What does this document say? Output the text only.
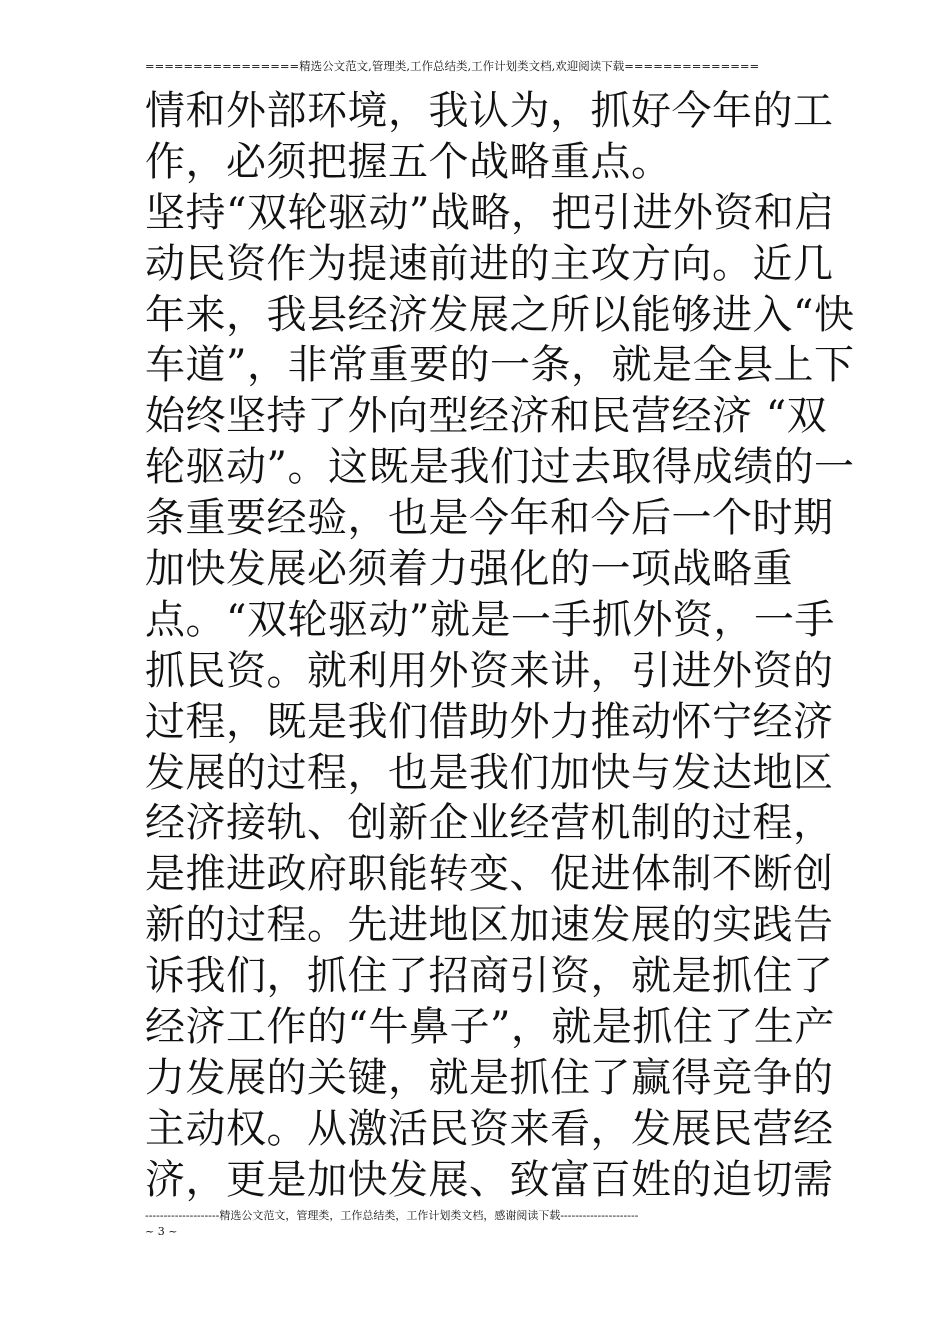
================精选公文范文,管理类,工作总结类,工作计划类文档,欢迎阅读下载==============
情和外部环境，我认为，抓好今年的工
作，必须把握五个战略重点。
坚持“双轮驱动”战略，把引进外资和启
动民资作为提速前进的主攻方向。近几
年来，我县经济发展之所以能够进入“快
车道”，非常重要的一条，就是全县上下
始终坚持了外向型经济和民营经济 “双
轮驱动”。这既是我们过去取得成绩的一
条重要经验，也是今年和今后一个时期
加快发展必须着力强化的一项战略重
点。“双轮驱动”就是一手抓外资，一手
抓民资。就利用外资来讲，引进外资的
过程，既是我们借助外力推动怀宁经济
发展的过程，也是我们加快与发达地区
经济接轨、创新企业经营机制的过程，
是推进政府职能转变、促进体制不断创
新的过程。先进地区加速发展的实践告
诉我们，抓住了招商引资，就是抓住了
经济工作的“牛鼻子”，就是抓住了生产
力发展的关键，就是抓住了赢得竞争的
主动权。从激活民资来看，发展民营经
济，更是加快发展、致富百姓的迫切需
--------------------精选公文范文，管理类，工作总结类，工作计划类文档，感谢阅读下载---------------------
~ 3 ~
